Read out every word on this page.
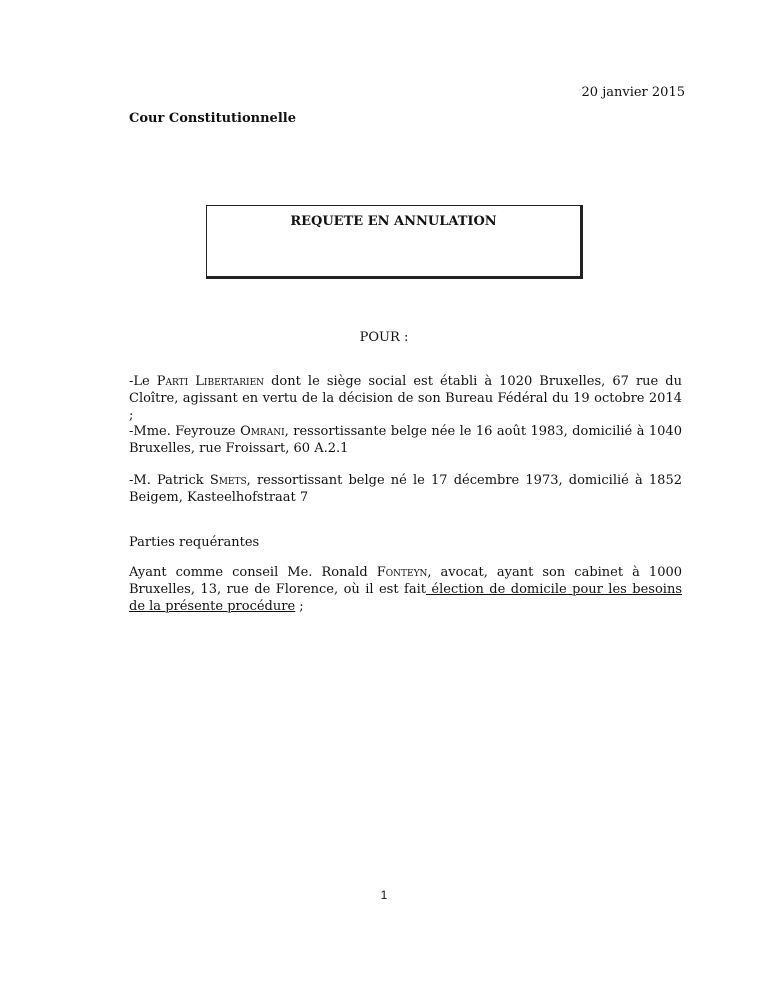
20 janvier 2015
Cour Constitutionnelle
REQUETE EN ANNULATION
POUR :
-Le Parti Libertarien dont le siège social est établi à 1020 Bruxelles, 67 rue du Cloître, agissant en vertu de la décision de son Bureau Fédéral du 19 octobre 2014 ;
-Mme. Feyrouze Omrani, ressortissante belge née le 16 août 1983, domicilié à 1040 Bruxelles, rue Froissart, 60 A.2.1
-M. Patrick Smets, ressortissant belge né le 17 décembre 1973, domicilié à 1852 Beigem, Kasteelhofstraat 7
Parties requérantes
Ayant comme conseil Me. Ronald Fonteyn, avocat, ayant son cabinet à 1000 Bruxelles, 13, rue de Florence, où il est fait élection de domicile pour les besoins de la présente procédure ;
1
